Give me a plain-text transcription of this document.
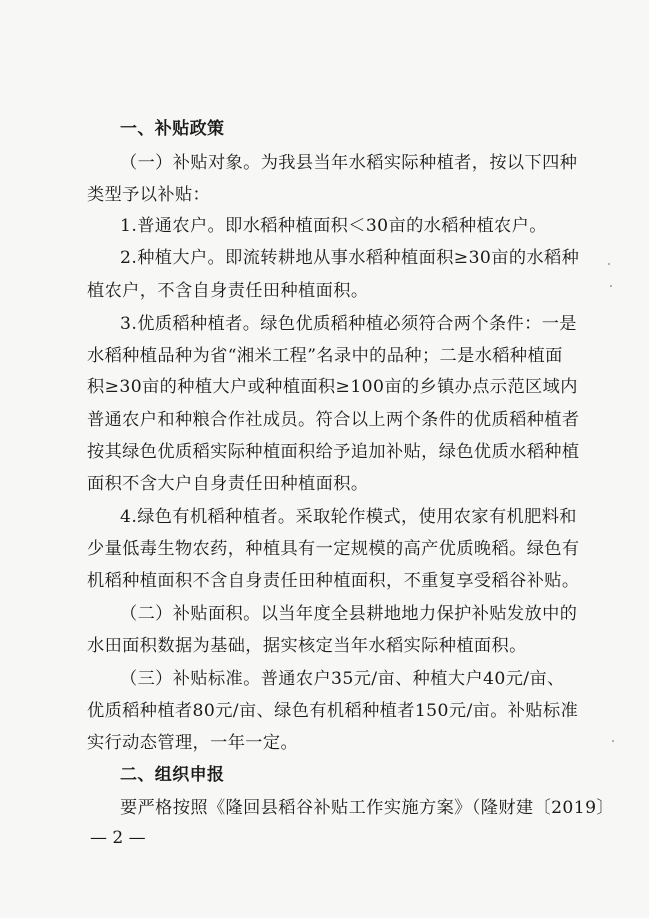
一、补贴政策
（一）补贴对象。为我县当年水稻实际种植者，按以下四种
类型予以补贴：
1.普通农户。即水稻种植面积＜30亩的水稻种植农户。
2.种植大户。即流转耕地从事水稻种植面积≥30亩的水稻种
植农户，不含自身责任田种植面积。
3.优质稻种植者。绿色优质稻种植必须符合两个条件：一是
水稻种植品种为省“湘米工程”名录中的品种；二是水稻种植面
积≥30亩的种植大户或种植面积≥100亩的乡镇办点示范区域内
普通农户和种粮合作社成员。符合以上两个条件的优质稻种植者
按其绿色优质稻实际种植面积给予追加补贴，绿色优质水稻种植
面积不含大户自身责任田种植面积。
4.绿色有机稻种植者。采取轮作模式，使用农家有机肥料和
少量低毒生物农药，种植具有一定规模的高产优质晚稻。绿色有
机稻种植面积不含自身责任田种植面积，不重复享受稻谷补贴。
（二）补贴面积。以当年度全县耕地地力保护补贴发放中的
水田面积数据为基础，据实核定当年水稻实际种植面积。
（三）补贴标准。普通农户35元/亩、种植大户40元/亩、
优质稻种植者80元/亩、绿色有机稻种植者150元/亩。补贴标准
实行动态管理，一年一定。
二、组织申报
要严格按照《隆回县稻谷补贴工作实施方案》（隆财建〔2019〕
— 2 —
